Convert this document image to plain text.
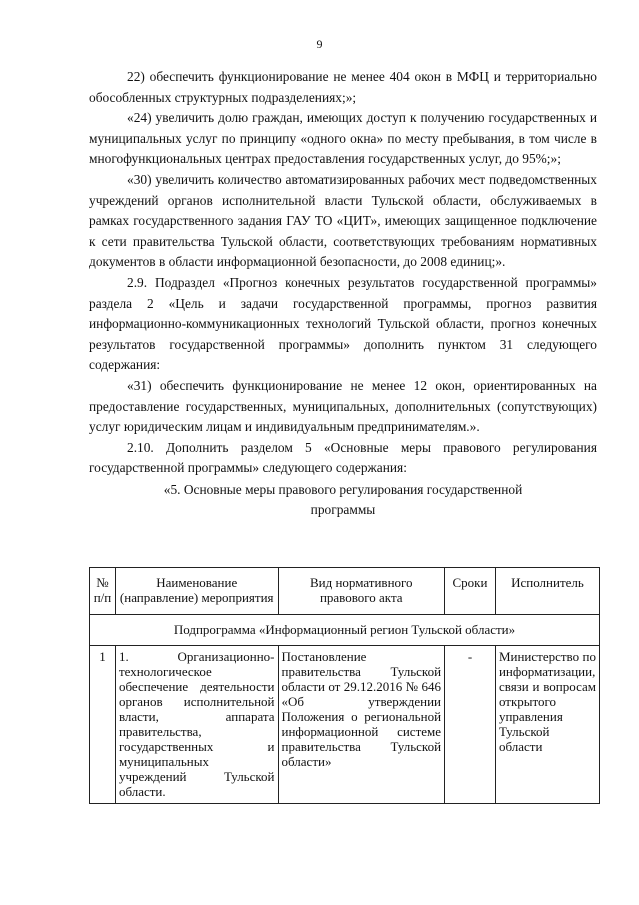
9

22) обеспечить функционирование не менее 404 окон в МФЦ и территориально обособленных структурных подразделениях;»;

«24) увеличить долю граждан, имеющих доступ к получению государственных и муниципальных услуг по принципу «одного окна» по месту пребывания, в том числе в многофункциональных центрах предоставления государственных услуг, до 95%;»;

«30) увеличить количество автоматизированных рабочих мест подведомственных учреждений органов исполнительной власти Тульской области, обслуживаемых в рамках государственного задания ГАУ ТО «ЦИТ», имеющих защищенное подключение к сети правительства Тульской области, соответствующих требованиям нормативных документов в области информационной безопасности, до 2008 единиц;».

2.9. Подраздел «Прогноз конечных результатов государственной программы» раздела 2 «Цель и задачи государственной программы, прогноз развития информационно-коммуникационных технологий Тульской области, прогноз конечных результатов государственной программы» дополнить пунктом 31 следующего содержания:

«31) обеспечить функционирование не менее 12 окон, ориентированных на предоставление государственных, муниципальных, дополнительных (сопутствующих) услуг юридическим лицам и индивидуальным предпринимателям.».

2.10. Дополнить разделом 5 «Основные меры правового регулирования государственной программы» следующего содержания:

«5. Основные меры правового регулирования государственной
программы
№ п/п	Наименование (направление) мероприятия	Вид нормативного правового акта	Сроки	Исполнитель
Подпрограмма «Информационный регион Тульской области»				
1	1. Организационно-технологическое обеспечение деятельности органов исполнительной власти, аппарата правительства, государственных и муниципальных учреждений Тульской области.	Постановление правительства Тульской области от 29.12.2016 № 646 «Об утверждении Положения о региональной информационной системе правительства Тульской области»	-	Министерство по информатизации, связи и вопросам открытого управления Тульской области
